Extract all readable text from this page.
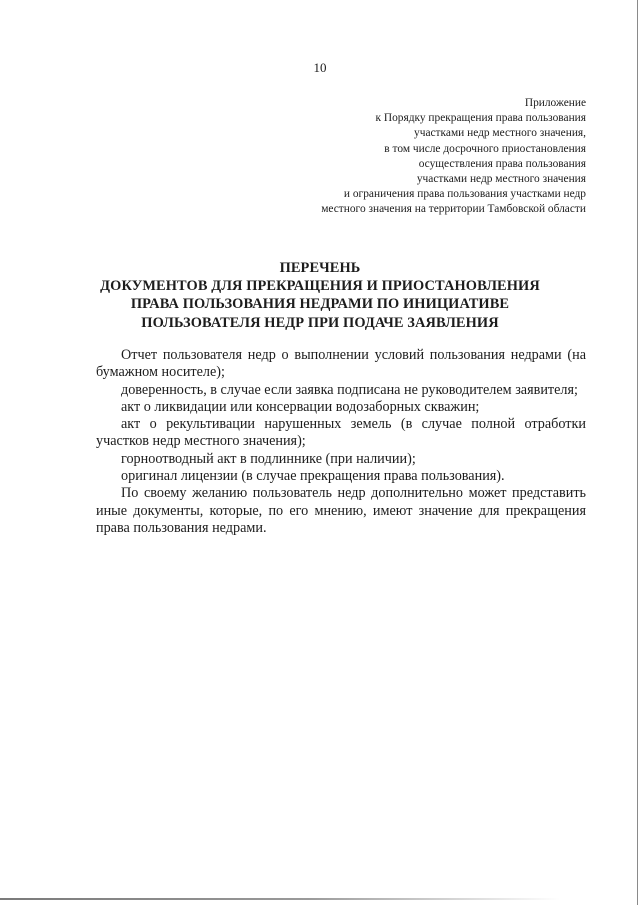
10
Приложение
к Порядку прекращения права пользования
участками недр местного значения,
в том числе досрочного приостановления
осуществления права пользования
участками недр местного значения
и ограничения права пользования участками недр
местного значения на территории Тамбовской области
ПЕРЕЧЕНЬ
ДОКУМЕНТОВ ДЛЯ ПРЕКРАЩЕНИЯ И ПРИОСТАНОВЛЕНИЯ
ПРАВА ПОЛЬЗОВАНИЯ НЕДРАМИ ПО ИНИЦИАТИВЕ
ПОЛЬЗОВАТЕЛЯ НЕДР ПРИ ПОДАЧЕ ЗАЯВЛЕНИЯ

Отчет пользователя недр о выполнении условий пользования недрами (на бумажном носителе);

доверенность, в случае если заявка подписана не руководителем заявителя;

акт о ликвидации или консервации водозаборных скважин;

акт о рекультивации нарушенных земель (в случае полной отработки участков недр местного значения);

горноотводный акт в подлиннике (при наличии);

оригинал лицензии (в случае прекращения права пользования).

По своему желанию пользователь недр дополнительно может представить иные документы, которые, по его мнению, имеют значение для прекращения права пользования недрами.
